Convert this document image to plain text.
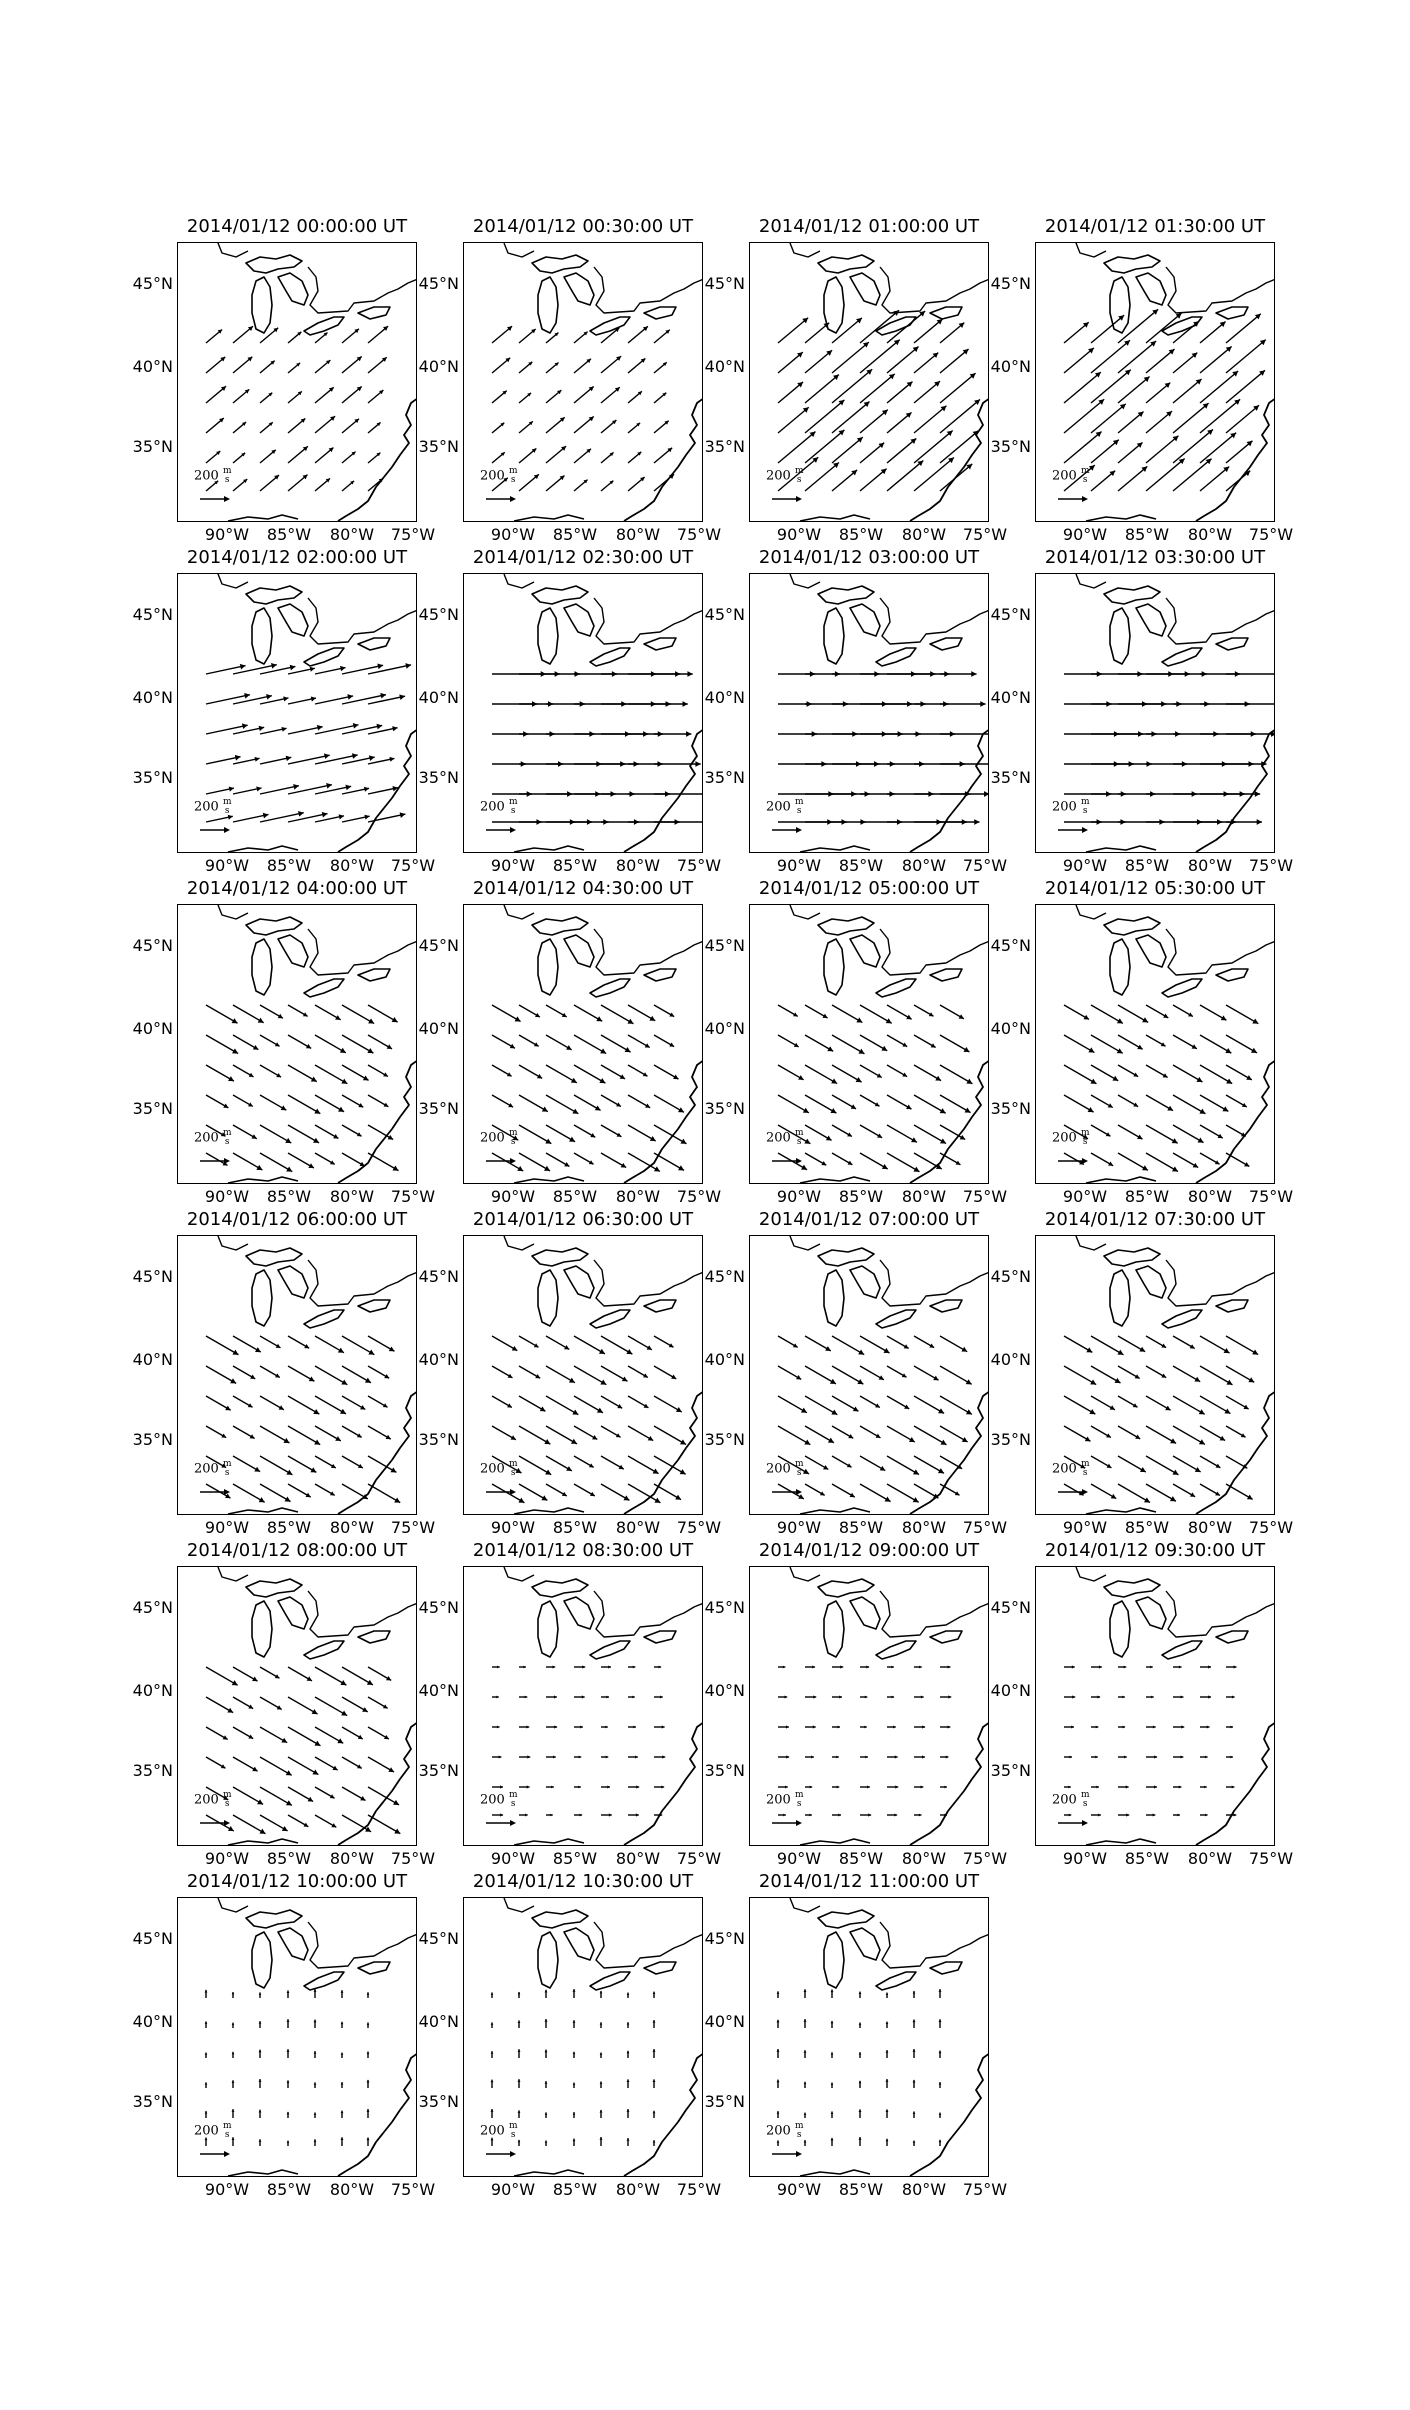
2014/01/12 00:00:00 UT
200 m
s
45°N
40°N
35°N
90°W	85°W	80°W	75°W
2014/01/12 00:30:00 UT
200 m
s
45°N
40°N
35°N
90°W	85°W	80°W	75°W
2014/01/12 01:00:00 UT
200 m
s
45°N
40°N
35°N
90°W	85°W	80°W	75°W
2014/01/12 01:30:00 UT
200 m
s
45°N
40°N
35°N
90°W	85°W	80°W	75°W
2014/01/12 02:00:00 UT
200 m
s
45°N
40°N
35°N
90°W	85°W	80°W	75°W
2014/01/12 02:30:00 UT
200 m
s
45°N
40°N
35°N
90°W	85°W	80°W	75°W
2014/01/12 03:00:00 UT
200 m
s
45°N
40°N
35°N
90°W	85°W	80°W	75°W
2014/01/12 03:30:00 UT
200 m
s
45°N
40°N
35°N
90°W	85°W	80°W	75°W
2014/01/12 04:00:00 UT
200 m
s
45°N
40°N
35°N
90°W	85°W	80°W	75°W
2014/01/12 04:30:00 UT
200 m
s
45°N
40°N
35°N
90°W	85°W	80°W	75°W
2014/01/12 05:00:00 UT
200 m
s
45°N
40°N
35°N
90°W	85°W	80°W	75°W
2014/01/12 05:30:00 UT
200 m
s
45°N
40°N
35°N
90°W	85°W	80°W	75°W
2014/01/12 06:00:00 UT
200 m
s
45°N
40°N
35°N
90°W	85°W	80°W	75°W
2014/01/12 06:30:00 UT
200 m
s
45°N
40°N
35°N
90°W	85°W	80°W	75°W
2014/01/12 07:00:00 UT
200 m
s
45°N
40°N
35°N
90°W	85°W	80°W	75°W
2014/01/12 07:30:00 UT
200 m
s
45°N
40°N
35°N
90°W	85°W	80°W	75°W
2014/01/12 08:00:00 UT
200 m
s
45°N
40°N
35°N
90°W	85°W	80°W	75°W
2014/01/12 08:30:00 UT
200 m
s
45°N
40°N
35°N
90°W	85°W	80°W	75°W
2014/01/12 09:00:00 UT
200 m
s
45°N
40°N
35°N
90°W	85°W	80°W	75°W
2014/01/12 09:30:00 UT
200 m
s
45°N
40°N
35°N
90°W	85°W	80°W	75°W
2014/01/12 10:00:00 UT
200 m
s
45°N
40°N
35°N
90°W	85°W	80°W	75°W
2014/01/12 10:30:00 UT
200 m
s
45°N
40°N
35°N
90°W	85°W	80°W	75°W
2014/01/12 11:00:00 UT
200 m
s
45°N
40°N
35°N
90°W	85°W	80°W	75°W
